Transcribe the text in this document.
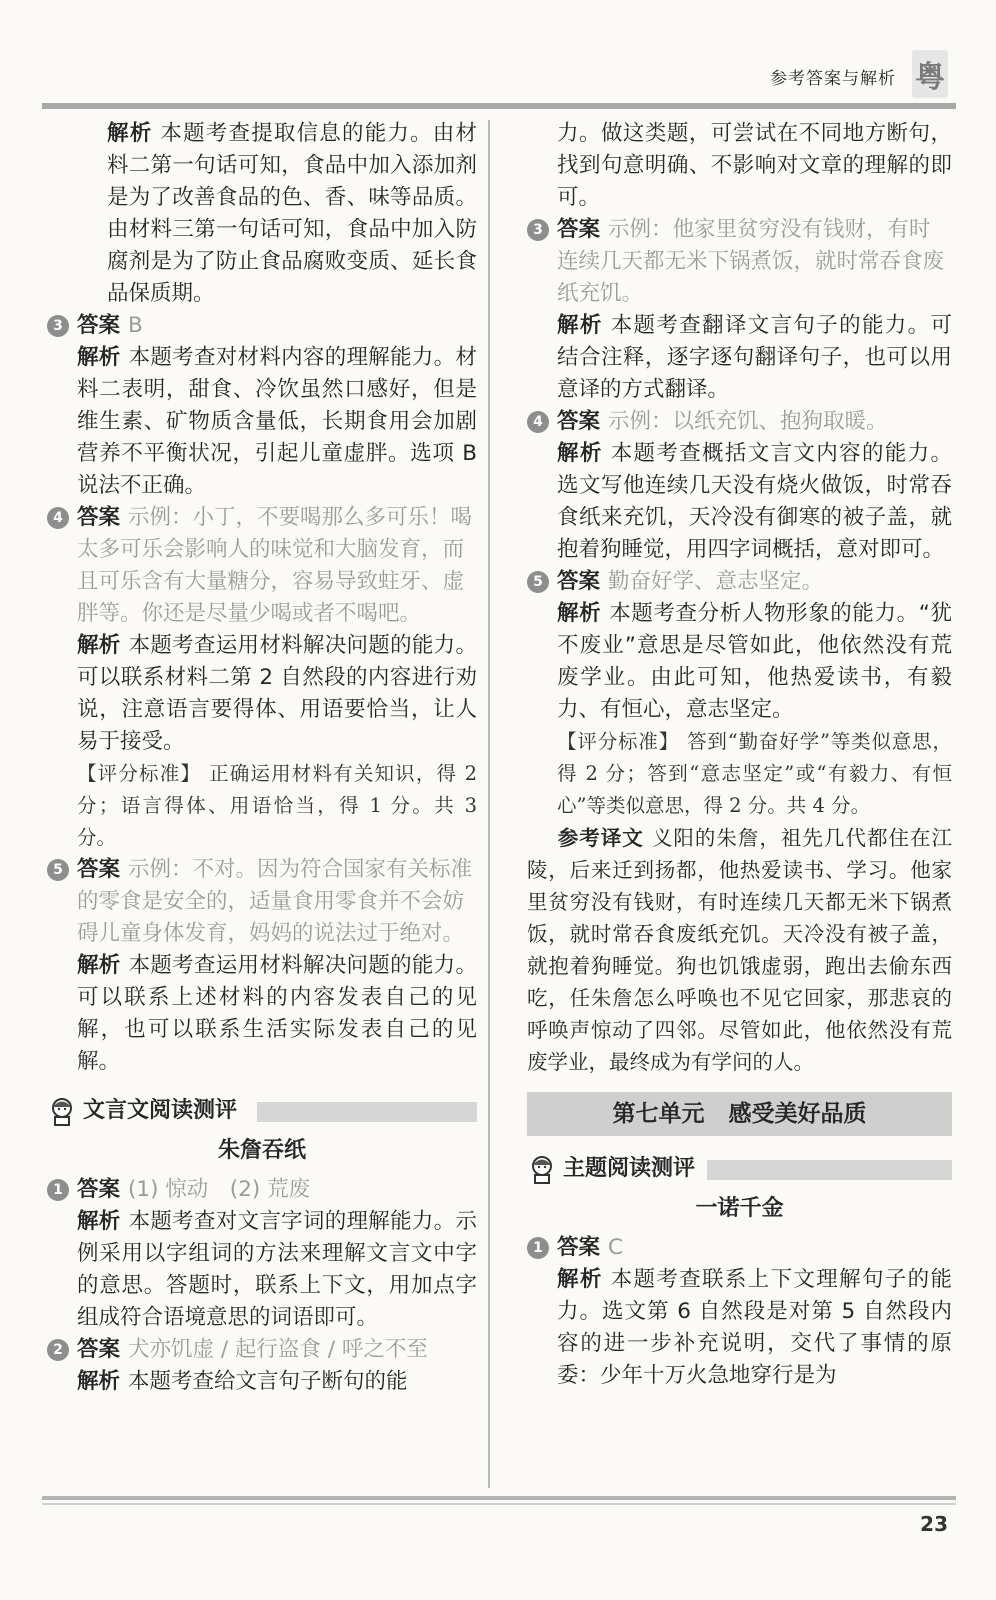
参考答案与解析 粤

解析 本题考查提取信息的能力。由材料二第一句话可知，食品中加入添加剂是为了改善食品的色、香、味等品质。由材料三第一句话可知，食品中加入防腐剂是为了防止食品腐败变质、延长食品保质期。

3 答案 B

解析 本题考查对材料内容的理解能力。材料二表明，甜食、冷饮虽然口感好，但是维生素、矿物质含量低，长期食用会加剧营养不平衡状况，引起儿童虚胖。选项 B 说法不正确。

4 答案 示例：小丁，不要喝那么多可乐！喝太多可乐会影响人的味觉和大脑发育，而且可乐含有大量糖分，容易导致蛀牙、虚胖等。你还是尽量少喝或者不喝吧。

解析 本题考查运用材料解决问题的能力。可以联系材料二第 2 自然段的内容进行劝说，注意语言要得体、用语要恰当，让人易于接受。

【评分标准】 正确运用材料有关知识，得 2 分；语言得体、用语恰当，得 1 分。共 3 分。

5 答案 示例：不对。因为符合国家有关标准的零食是安全的，适量食用零食并不会妨碍儿童身体发育，妈妈的说法过于绝对。

解析 本题考查运用材料解决问题的能力。可以联系上述材料的内容发表自己的见解，也可以联系生活实际发表自己的见解。

文言文阅读测评
朱詹吞纸
1 答案 (1) 惊动　(2) 荒废

解析 本题考查对文言字词的理解能力。示例采用以字组词的方法来理解文言文中字的意思。答题时，联系上下文，用加点字组成符合语境意思的词语即可。

2 答案 犬亦饥虚 / 起行盗食 / 呼之不至

解析 本题考查给文言句子断句的能

力。做这类题，可尝试在不同地方断句，找到句意明确、不影响对文章的理解的即可。

3 答案 示例：他家里贫穷没有钱财，有时连续几天都无米下锅煮饭，就时常吞食废纸充饥。

解析 本题考查翻译文言句子的能力。可结合注释，逐字逐句翻译句子，也可以用意译的方式翻译。

4 答案 示例：以纸充饥、抱狗取暖。

解析 本题考查概括文言文内容的能力。选文写他连续几天没有烧火做饭，时常吞食纸来充饥，天冷没有御寒的被子盖，就抱着狗睡觉，用四字词概括，意对即可。

5 答案 勤奋好学、意志坚定。

解析 本题考查分析人物形象的能力。“犹不废业”意思是尽管如此，他依然没有荒废学业。由此可知，他热爱读书，有毅力、有恒心，意志坚定。

【评分标准】 答到“勤奋好学”等类似意思，得 2 分；答到“意志坚定”或“有毅力、有恒心”等类似意思，得 2 分。共 4 分。

参考译文 义阳的朱詹，祖先几代都住在江陵，后来迁到扬都，他热爱读书、学习。他家里贫穷没有钱财，有时连续几天都无米下锅煮饭，就时常吞食废纸充饥。天冷没有被子盖，就抱着狗睡觉。狗也饥饿虚弱，跑出去偷东西吃，任朱詹怎么呼唤也不见它回家，那悲哀的呼唤声惊动了四邻。尽管如此，他依然没有荒废学业，最终成为有学问的人。

第七单元 感受美好品质
主题阅读测评
一诺千金
1 答案 C

解析 本题考查联系上下文理解句子的能力。选文第 6 自然段是对第 5 自然段内容的进一步补充说明，交代了事情的原委：少年十万火急地穿行是为

23
